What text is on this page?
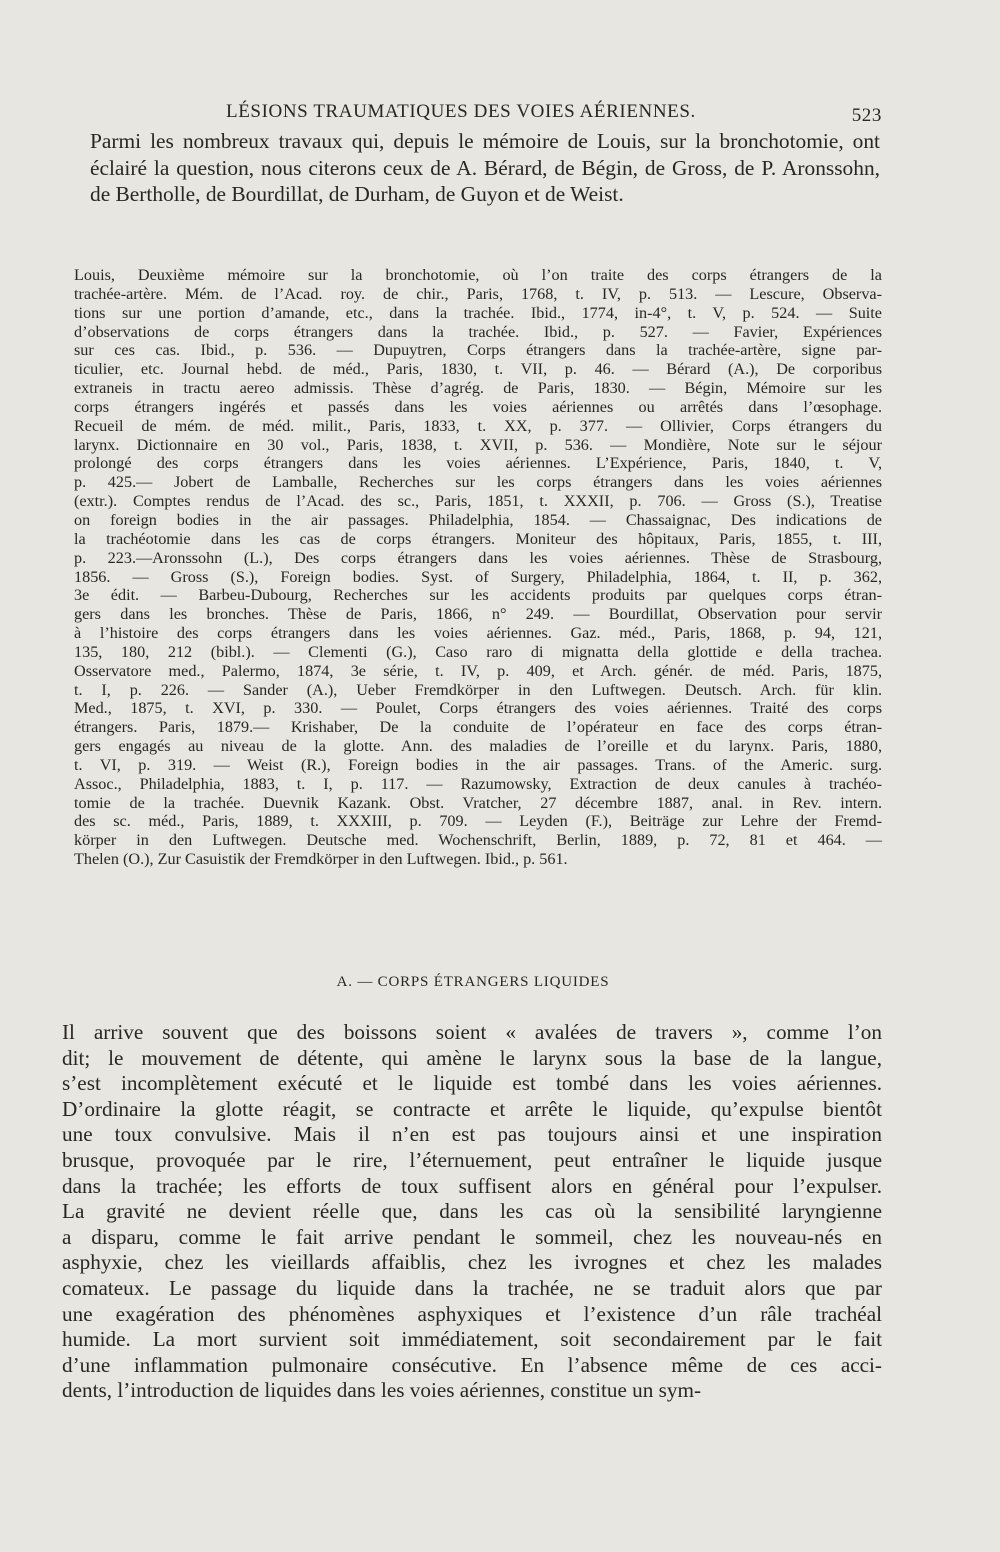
LÉSIONS TRAUMATIQUES DES VOIES AÉRIENNES.	523

Parmi les nombreux travaux qui, depuis le mémoire de Louis, sur la bronchotomie, ont éclairé la question, nous citerons ceux de A. Bérard, de Bégin, de Gross, de P. Aronssohn, de Bertholle, de Bourdillat, de Durham, de Guyon et de Weist.

Louis, Deuxième mémoire sur la bronchotomie, où l’on traite des corps étrangers de la
trachée-artère. Mém. de l’Acad. roy. de chir., Paris, 1768, t. IV, p. 513. — Lescure, Observa-
tions sur une portion d’amande, etc., dans la trachée. Ibid., 1774, in-4°, t. V, p. 524. — Suite
d’observations de corps étrangers dans la trachée. Ibid., p. 527. — Favier, Expériences
sur ces cas. Ibid., p. 536. — Dupuytren, Corps étrangers dans la trachée-artère, signe par-
ticulier, etc. Journal hebd. de méd., Paris, 1830, t. VII, p. 46. — Bérard (A.), De corporibus
extraneis in tractu aereo admissis. Thèse d’agrég. de Paris, 1830. — Bégin, Mémoire sur les
corps étrangers ingérés et passés dans les voies aériennes ou arrêtés dans l’œsophage.
Recueil de mém. de méd. milit., Paris, 1833, t. XX, p. 377. — Ollivier, Corps étrangers du
larynx. Dictionnaire en 30 vol., Paris, 1838, t. XVII, p. 536. — Mondière, Note sur le séjour
prolongé des corps étrangers dans les voies aériennes. L’Expérience, Paris, 1840, t. V,
p. 425.— Jobert de Lamballe, Recherches sur les corps étrangers dans les voies aériennes
(extr.). Comptes rendus de l’Acad. des sc., Paris, 1851, t. XXXII, p. 706. — Gross (S.), Treatise
on foreign bodies in the air passages. Philadelphia, 1854. — Chassaignac, Des indications de
la trachéotomie dans les cas de corps étrangers. Moniteur des hôpitaux, Paris, 1855, t. III,
p. 223.—Aronssohn (L.), Des corps étrangers dans les voies aériennes. Thèse de Strasbourg,
1856. — Gross (S.), Foreign bodies. Syst. of Surgery, Philadelphia, 1864, t. II, p. 362,
3e édit. — Barbeu-Dubourg, Recherches sur les accidents produits par quelques corps étran-
gers dans les bronches. Thèse de Paris, 1866, n° 249. — Bourdillat, Observation pour servir
à l’histoire des corps étrangers dans les voies aériennes. Gaz. méd., Paris, 1868, p. 94, 121,
135, 180, 212 (bibl.). — Clementi (G.), Caso raro di mignatta della glottide e della trachea.
Osservatore med., Palermo, 1874, 3e série, t. IV, p. 409, et Arch. génér. de méd. Paris, 1875,
t. I, p. 226. — Sander (A.), Ueber Fremdkörper in den Luftwegen. Deutsch. Arch. für klin.
Med., 1875, t. XVI, p. 330. — Poulet, Corps étrangers des voies aériennes. Traité des corps
étrangers. Paris, 1879.— Krishaber, De la conduite de l’opérateur en face des corps étran-
gers engagés au niveau de la glotte. Ann. des maladies de l’oreille et du larynx. Paris, 1880,
t. VI, p. 319. — Weist (R.), Foreign bodies in the air passages. Trans. of the Americ. surg.
Assoc., Philadelphia, 1883, t. I, p. 117. — Razumowsky, Extraction de deux canules à trachéo-
tomie de la trachée. Duevnik Kazank. Obst. Vratcher, 27 décembre 1887, anal. in Rev. intern.
des sc. méd., Paris, 1889, t. XXXIII, p. 709. — Leyden (F.), Beiträge zur Lehre der Fremd-
körper in den Luftwegen. Deutsche med. Wochenschrift, Berlin, 1889, p. 72, 81 et 464. —
Thelen (O.), Zur Casuistik der Fremdkörper in den Luftwegen. Ibid., p. 561.
A. — CORPS ÉTRANGERS LIQUIDES
Il arrive souvent que des boissons soient « avalées de travers », comme l’on
dit; le mouvement de détente, qui amène le larynx sous la base de la langue,
s’est incomplètement exécuté et le liquide est tombé dans les voies aériennes.
D’ordinaire la glotte réagit, se contracte et arrête le liquide, qu’expulse bientôt
une toux convulsive. Mais il n’en est pas toujours ainsi et une inspiration
brusque, provoquée par le rire, l’éternuement, peut entraîner le liquide jusque
dans la trachée; les efforts de toux suffisent alors en général pour l’expulser.
La gravité ne devient réelle que, dans les cas où la sensibilité laryngienne
a disparu, comme le fait arrive pendant le sommeil, chez les nouveau-nés en
asphyxie, chez les vieillards affaiblis, chez les ivrognes et chez les malades
comateux. Le passage du liquide dans la trachée, ne se traduit alors que par
une exagération des phénomènes asphyxiques et l’existence d’un râle trachéal
humide. La mort survient soit immédiatement, soit secondairement par le fait
d’une inflammation pulmonaire consécutive. En l’absence même de ces acci-
dents, l’introduction de liquides dans les voies aériennes, constitue un sym-
